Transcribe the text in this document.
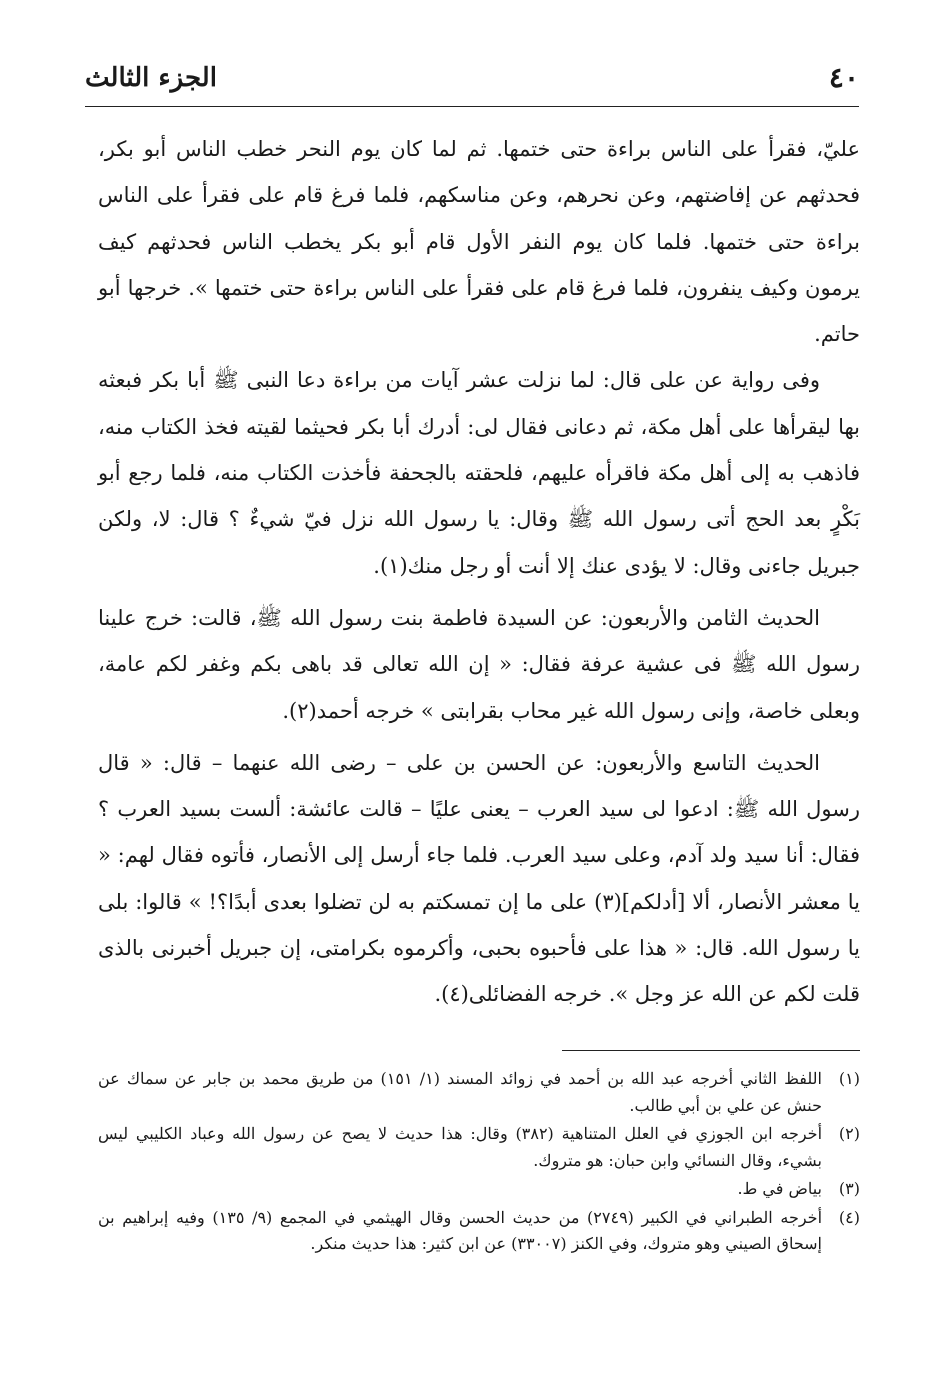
٤٠
الجزء الثالث

عليّ، فقرأ على الناس براءة حتى ختمها. ثم لما كان يوم النحر خطب الناس أبو بكر، فحدثهم عن إفاضتهم، وعن نحرهم، وعن مناسكهم، فلما فرغ قام على فقرأ على الناس براءة حتى ختمها. فلما كان يوم النفر الأول قام أبو بكر يخطب الناس فحدثهم كيف يرمون وكيف ينفرون، فلما فرغ قام على فقرأ على الناس براءة حتى ختمها ». خرجها أبو حاتم.

وفى رواية عن على قال: لما نزلت عشر آيات من براءة دعا النبى ﷺ أبا بكر فبعثه بها ليقرأها على أهل مكة، ثم دعانى فقال لى: أدرك أبا بكر فحيثما لقيته فخذ الكتاب منه، فاذهب به إلى أهل مكة فاقرأه عليهم، فلحقته بالجحفة فأخذت الكتاب منه، فلما رجع أبو بَكْرٍ بعد الحج أتى رسول الله ﷺ وقال: يا رسول الله نزل فيّ شيءٌ ؟ قال: لا، ولكن جبريل جاءنى وقال: لا يؤدى عنك إلا أنت أو رجل منك(١).

الحديث الثامن والأربعون: عن السيدة فاطمة بنت رسول الله ﷺ، قالت: خرج علينا رسول الله ﷺ فى عشية عرفة فقال: « إن الله تعالى قد باهى بكم وغفر لكم عامة، وبعلى خاصة، وإنى رسول الله غير محاب بقرابتى » خرجه أحمد(٢).

الحديث التاسع والأربعون: عن الحسن بن على – رضى الله عنهما – قال: « قال رسول الله ﷺ: ادعوا لى سيد العرب – يعنى عليًا – قالت عائشة: ألست بسيد العرب ؟ فقال: أنا سيد ولد آدم، وعلى سيد العرب. فلما جاء أرسل إلى الأنصار، فأتوه فقال لهم: « يا معشر الأنصار، ألا [أدلكم](٣) على ما إن تمسكتم به لن تضلوا بعدى أبدًا؟! » قالوا: بلى يا رسول الله. قال: « هذا على فأحبوه بحبى، وأكرموه بكرامتى، إن جبريل أخبرنى بالذى قلت لكم عن الله عز وجل ». خرجه الفضائلى(٤).

(١)
اللفظ الثاني أخرجه عبد الله بن أحمد في زوائد المسند (١/ ١٥١) من طريق محمد بن جابر عن سماك عن حنش عن علي بن أبي طالب.
(٢)
أخرجه ابن الجوزي في العلل المتناهية (٣٨٢) وقال: هذا حديث لا يصح عن رسول الله وعباد الكليبي ليس بشيء، وقال النسائي وابن حبان: هو متروك.
(٣)
بياض في ط.
(٤)
أخرجه الطبراني في الكبير (٢٧٤٩) من حديث الحسن وقال الهيثمي في المجمع (٩/ ١٣٥) وفيه إبراهيم بن إسحاق الصيني وهو متروك، وفي الكنز (٣٣٠٠٧) عن ابن كثير: هذا حديث منكر.
